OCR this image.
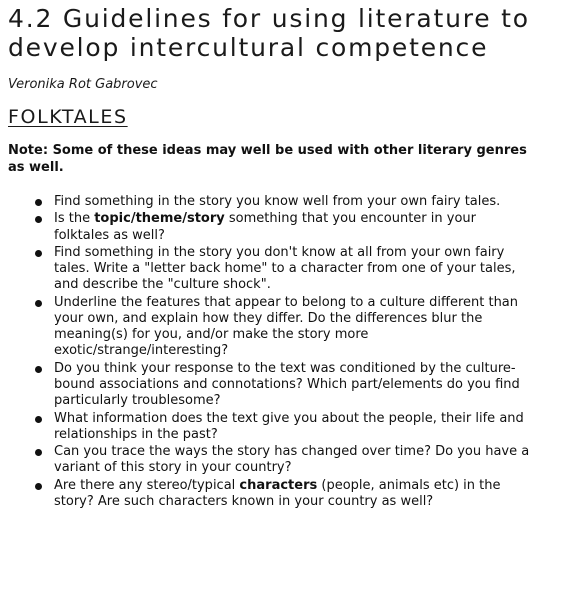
4.2 Guidelines for using literature to develop intercultural competence
Veronika Rot Gabrovec
FOLKTALES
Note: Some of these ideas may well be used with other literary genres as well.
Find something in the story you know well from your own fairy tales.
Is the topic/theme/story something that you encounter in your folktales as well?
Find something in the story you don't know at all from your own fairy tales. Write a "letter back home" to a character from one of your tales, and describe the "culture shock".
Underline the features that appear to belong to a culture different than your own, and explain how they differ. Do the differences blur the meaning(s) for you, and/or make the story more exotic/strange/interesting?
Do you think your response to the text was conditioned by the culture-bound associations and connotations? Which part/elements do you find particularly troublesome?
What information does the text give you about the people, their life and relationships in the past?
Can you trace the ways the story has changed over time? Do you have a variant of this story in your country?
Are there any stereo/typical characters (people, animals etc) in the story? Are such characters known in your country as well?
